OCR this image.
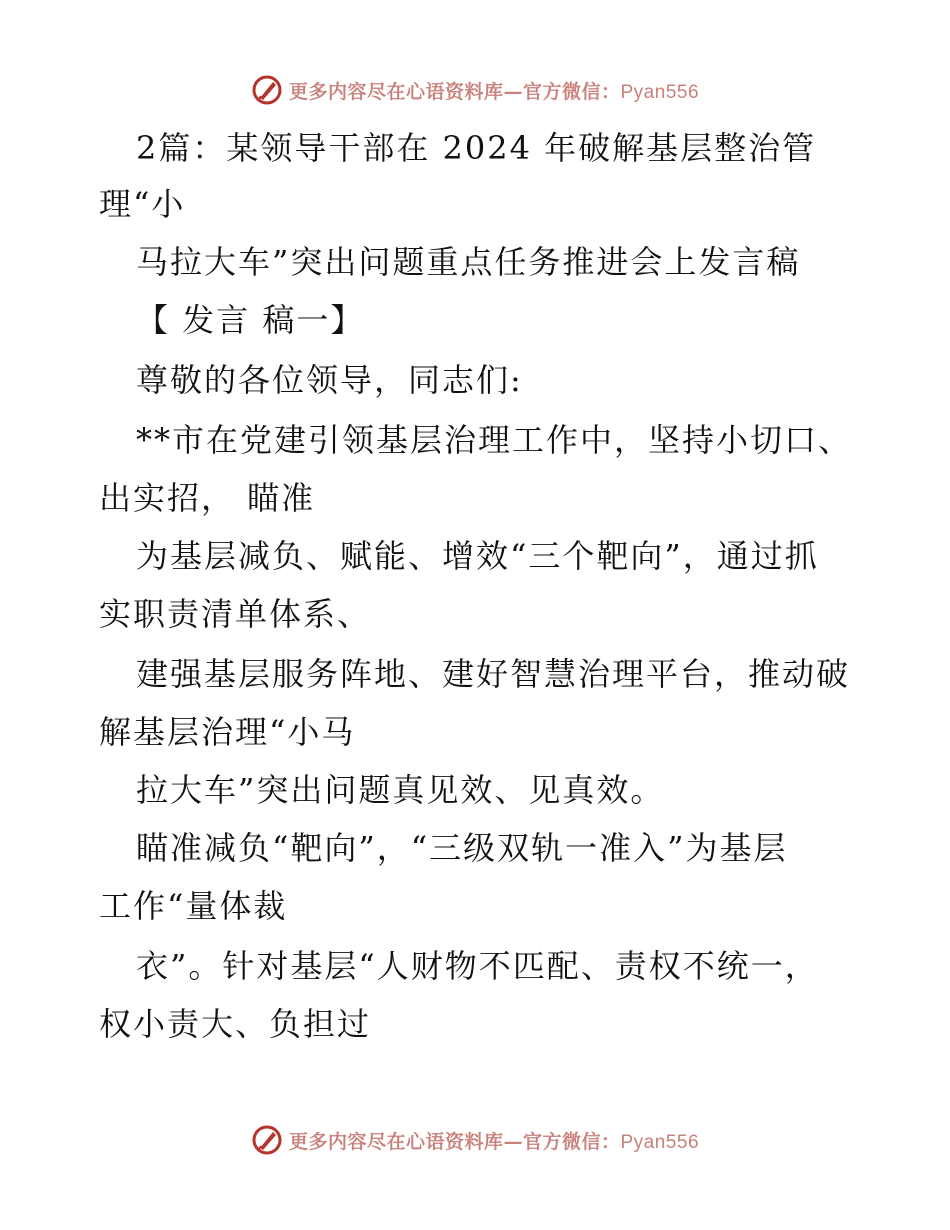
更多内容尽在心语资料库—官方微信：Pyan556
2篇：某领导干部在 2024 年破解基层整治管
理“小
马拉大车”突出问题重点任务推进会上发言稿
【 发言 稿一】
尊敬的各位领导，同志们:
**市在党建引领基层治理工作中，坚持小切口、
出实招， 瞄准
为基层减负、赋能、增效“三个靶向”，通过抓
实职责清单体系、
建强基层服务阵地、建好智慧治理平台，推动破
解基层治理“小马
拉大车”突出问题真见效、见真效。
瞄准减负“靶向”，“三级双轨一准入”为基层
工作“量体裁
衣”。针对基层“人财物不匹配、责权不统一，
权小责大、负担过
更多内容尽在心语资料库—官方微信：Pyan556
